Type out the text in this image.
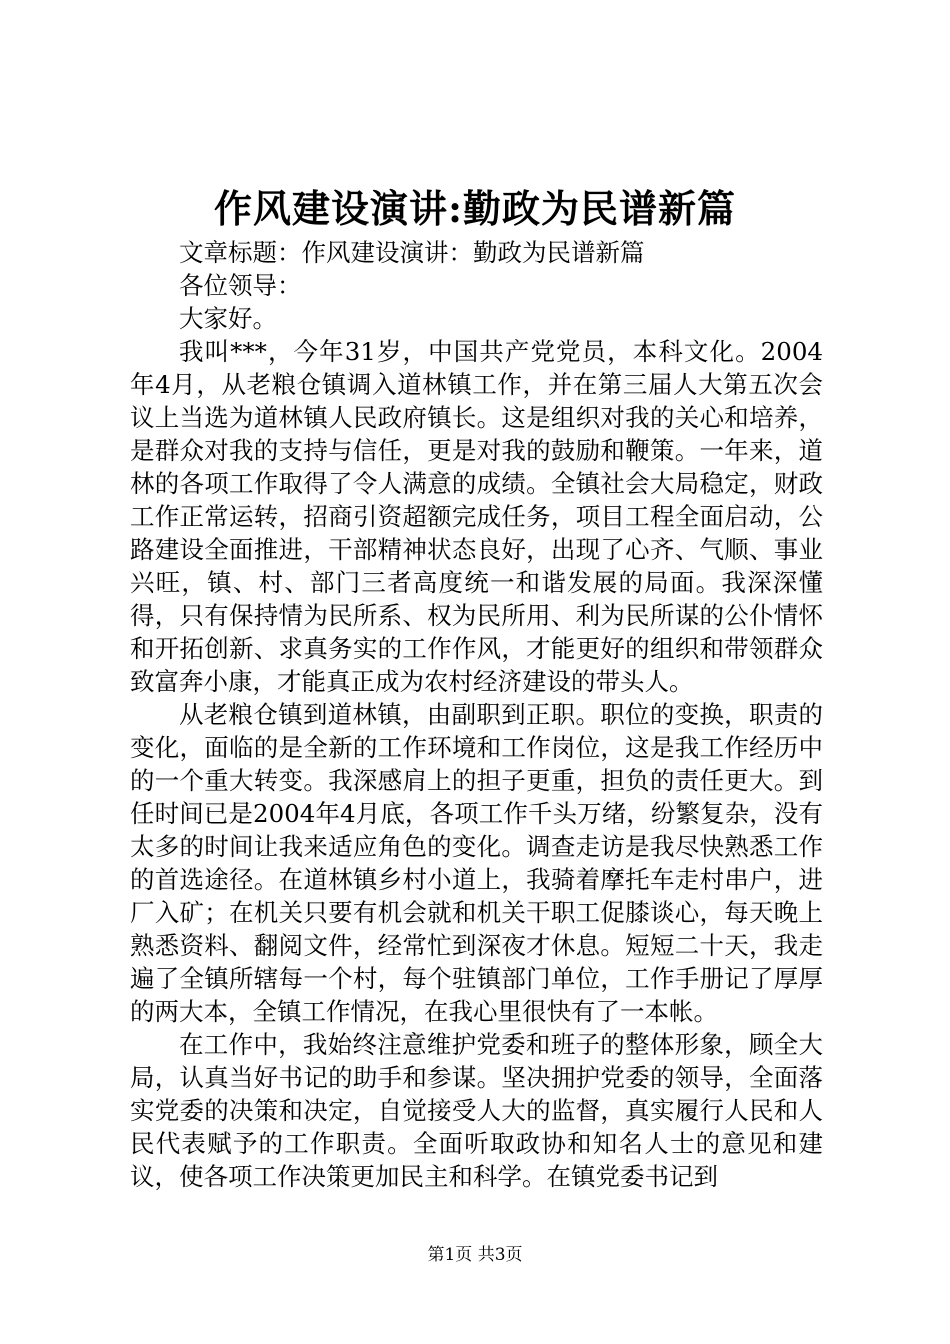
作风建设演讲:勤政为民谱新篇

文章标题：作风建设演讲：勤政为民谱新篇

各位领导：

大家好。

我叫***，今年31岁，中国共产党党员，本科文化。2004年4月，从老粮仓镇调入道林镇工作，并在第三届人大第五次会议上当选为道林镇人民政府镇长。这是组织对我的关心和培养，是群众对我的支持与信任，更是对我的鼓励和鞭策。一年来，道林的各项工作取得了令人满意的成绩。全镇社会大局稳定，财政工作正常运转，招商引资超额完成任务，项目工程全面启动，公路建设全面推进，干部精神状态良好，出现了心齐、气顺、事业兴旺，镇、村、部门三者高度统一和谐发展的局面。我深深懂得，只有保持情为民所系、权为民所用、利为民所谋的公仆情怀和开拓创新、求真务实的工作作风，才能更好的组织和带领群众致富奔小康，才能真正成为农村经济建设的带头人。

从老粮仓镇到道林镇，由副职到正职。职位的变换，职责的变化，面临的是全新的工作环境和工作岗位，这是我工作经历中的一个重大转变。我深感肩上的担子更重，担负的责任更大。到任时间已是2004年4月底，各项工作千头万绪，纷繁复杂，没有太多的时间让我来适应角色的变化。调查走访是我尽快熟悉工作的首选途径。在道林镇乡村小道上，我骑着摩托车走村串户，进厂入矿；在机关只要有机会就和机关干职工促膝谈心，每天晚上熟悉资料、翻阅文件，经常忙到深夜才休息。短短二十天，我走遍了全镇所辖每一个村，每个驻镇部门单位，工作手册记了厚厚的两大本，全镇工作情况，在我心里很快有了一本帐。

在工作中，我始终注意维护党委和班子的整体形象，顾全大局，认真当好书记的助手和参谋。坚决拥护党委的领导，全面落实党委的决策和决定，自觉接受人大的监督，真实履行人民和人民代表赋予的工作职责。全面听取政协和知名人士的意见和建议，使各项工作决策更加民主和科学。在镇党委书记到

第1页 共3页
